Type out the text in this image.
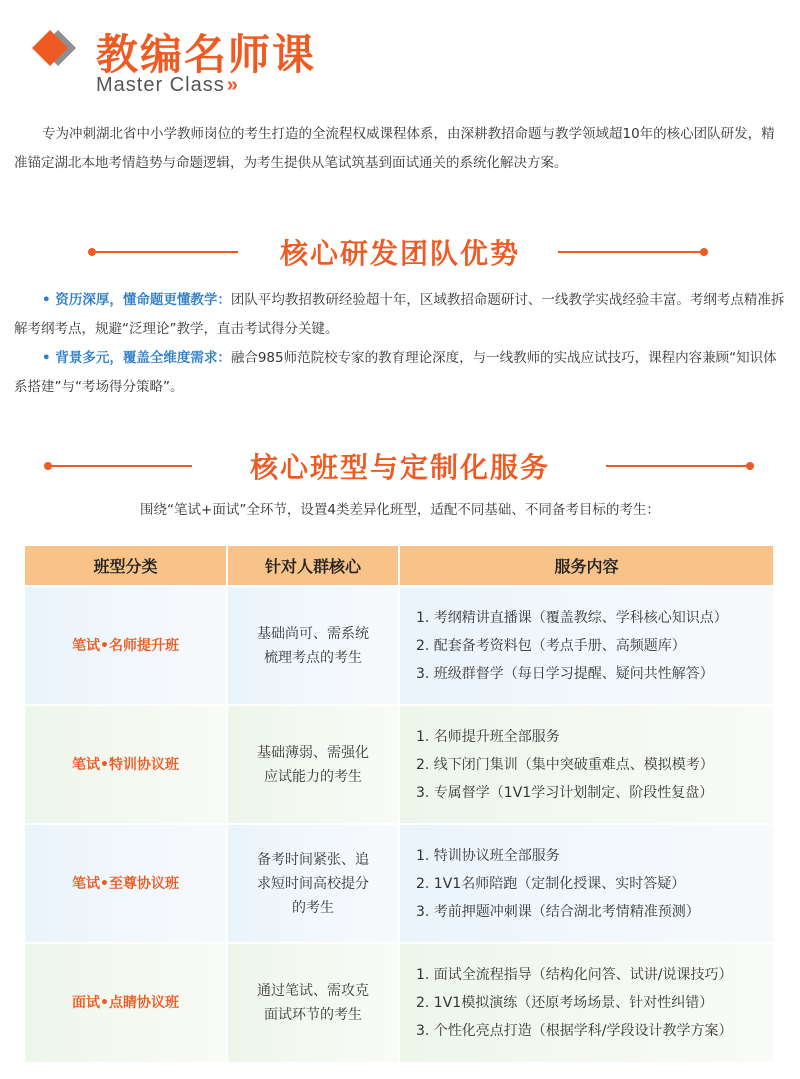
教编名师课
Master Class »
专为冲刺湖北省中小学教师岗位的考生打造的全流程权威课程体系，由深耕教招命题与教学领域超10年的核心团队研发，精准锚定湖北本地考情趋势与命题逻辑，为考生提供从笔试筑基到面试通关的系统化解决方案。
核心研发团队优势

• 资历深厚，懂命题更懂教学：团队平均教招教研经验超十年，区域教招命题研讨、一线教学实战经验丰富。考纲考点精准拆解考纲考点，规避“泛理论”教学，直击考试得分关键。

• 背景多元，覆盖全维度需求：融合985师范院校专家的教育理论深度，与一线教师的实战应试技巧，课程内容兼顾“知识体系搭建”与“考场得分策略”。

核心班型与定制化服务
围绕“笔试+面试”全环节，设置4类差异化班型，适配不同基础、不同备考目标的考生：
班型分类	针对人群核心	服务内容
笔试•名师提升班	基础尚可、需系统梳理考点的考生	1. 考纲精讲直播课（覆盖教综、学科核心知识点）
2. 配套备考资料包（考点手册、高频题库）
3. 班级群督学（每日学习提醒、疑问共性解答）

笔试•特训协议班	基础薄弱、需强化应试能力的考生	1. 名师提升班全部服务
2. 线下闭门集训（集中突破重难点、模拟模考）
3. 专属督学（1V1学习计划制定、阶段性复盘）

笔试•至尊协议班	备考时间紧张、追求短时间高校提分的考生	1. 特训协议班全部服务
2. 1V1名师陪跑（定制化授课、实时答疑）
3. 考前押题冲刺课（结合湖北考情精准预测）

面试•点睛协议班	通过笔试、需攻克面试环节的考生	1. 面试全流程指导（结构化问答、试讲/说课技巧）
2. 1V1模拟演练（还原考场场景、针对性纠错）
3. 个性化亮点打造（根据学科/学段设计教学方案）
